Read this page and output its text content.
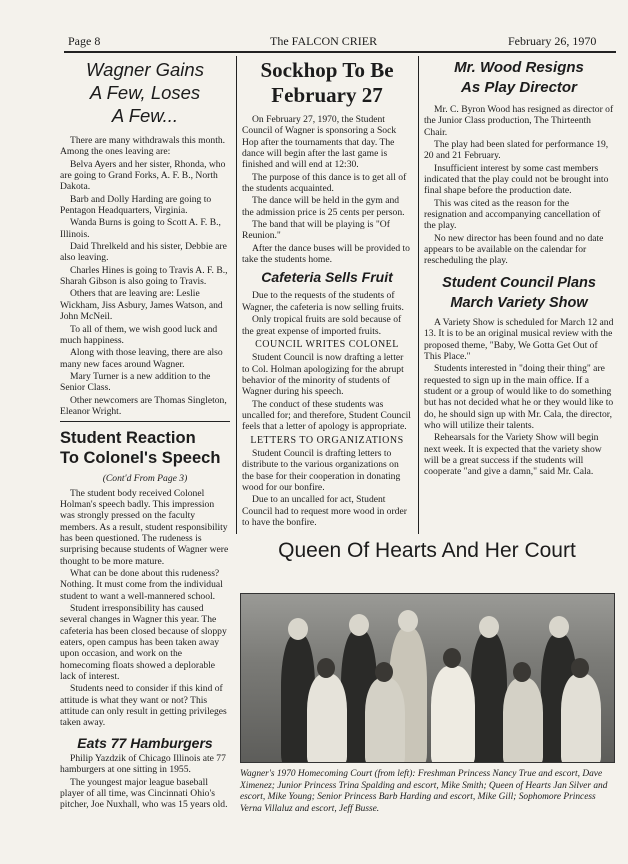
Page 8	The FALCON CRIER	February 26, 1970
Wagner Gains
A Few, Loses
A Few...

There are many withdrawals this month. Among the ones leaving are:

Belva Ayers and her sister, Rhonda, who are going to Grand Forks, A. F. B., North Dakota.

Barb and Dolly Harding are going to Pentagon Headquarters, Virginia.

Wanda Burns is going to Scott A. F. B., Illinois.

Daid Threlkeld and his sister, Debbie are also leaving.

Charles Hines is going to Travis A. F. B., Sharah Gibson is also going to Travis.

Others that are leaving are: Leslie Wickham, Jiss Asbury, James Watson, and John McNeil.

To all of them, we wish good luck and much happiness.

Along with those leaving, there are also many new faces around Wagner.

Mary Turner is a new addition to the Senior Class.

Other newcomers are Thomas Singleton, Eleanor Wright.

Student Reaction
To Colonel's Speech
(Cont'd From Page 3)

The student body received Colonel Holman's speech badly. This impression was strongly pressed on the faculty members. As a result, student responsibility has been questioned. The rudeness is surprising because students of Wagner were thought to be more mature.

What can be done about this rudeness? Nothing. It must come from the individual student to want a well-mannered school.

Student irresponsibility has caused several changes in Wagner this year. The cafeteria has been closed because of sloppy eaters, open campus has been taken away upon occasion, and work on the homecoming floats showed a deplorable lack of interest.

Students need to consider if this kind of attitude is what they want or not? This attitude can only result in getting privileges taken away.

Eats 77 Hamburgers

Philip Yazdzik of Chicago Illinois ate 77 hamburgers at one sitting in 1955.

The youngest major league baseball player of all time, was Cincinnati Ohio's pitcher, Joe Nuxhall, who was 15 years old.

Sockhop To Be
February 27

On February 27, 1970, the Student Council of Wagner is sponsoring a Sock Hop after the tournaments that day. The dance will begin after the last game is finished and will end at 12:30.

The purpose of this dance is to get all of the students acquainted.

The dance will be held in the gym and the admission price is 25 cents per person.

The band that will be playing is "Of Reunion."

After the dance buses will be provided to take the students home.

Cafeteria Sells Fruit

Due to the requests of the students of Wagner, the cafeteria is now selling fruits.

Only tropical fruits are sold because of the great expense of imported fruits.

COUNCIL WRITES COLONEL

Student Council is now drafting a letter to Col. Holman apologizing for the abrupt behavior of the minority of students of Wagner during his speech.

The conduct of these students was uncalled for; and therefore, Student Council feels that a letter of apology is appropriate.

LETTERS TO ORGANIZATIONS

Student Council is drafting letters to distribute to the various organizations on the base for their cooperation in donating wood for our bonfire.

Due to an uncalled for act, Student Council had to request more wood in order to have the bonfire.

Mr. Wood Resigns
As Play Director

Mr. C. Byron Wood has resigned as director of the Junior Class production, The Thirteenth Chair.

The play had been slated for performance 19, 20 and 21 February.

Insufficient interest by some cast members indicated that the play could not be brought into final shape before the production date.

This was cited as the reason for the resignation and accompanying cancellation of the play.

No new director has been found and no date appears to be available on the calendar for rescheduling the play.

Student Council Plans
March Variety Show

A Variety Show is scheduled for March 12 and 13. It is to be an original musical review with the proposed theme, "Baby, We Gotta Get Out of This Place."

Students interested in "doing their thing" are requested to sign up in the main office. If a student or a group of would like to do something but has not decided what he or they would like to do, he should sign up with Mr. Cala, the director, who will utilize their talents.

Rehearsals for the Variety Show will begin next week. It is expected that the variety show will be a great success if the students will cooperate "and give a damn," said Mr. Cala.

Queen Of Hearts And Her Court
Wagner's 1970 Homecoming Court (from left): Freshman Princess Nancy True and escort, Dave Ximenez; Junior Princess Trina Spalding and escort, Mike Smith; Queen of Hearts Jan Silver and escort, Mike Young; Senior Princess Barb Harding and escort, Mike Gill; Sophomore Princess Verna Villaluz and escort, Jeff Busse.
